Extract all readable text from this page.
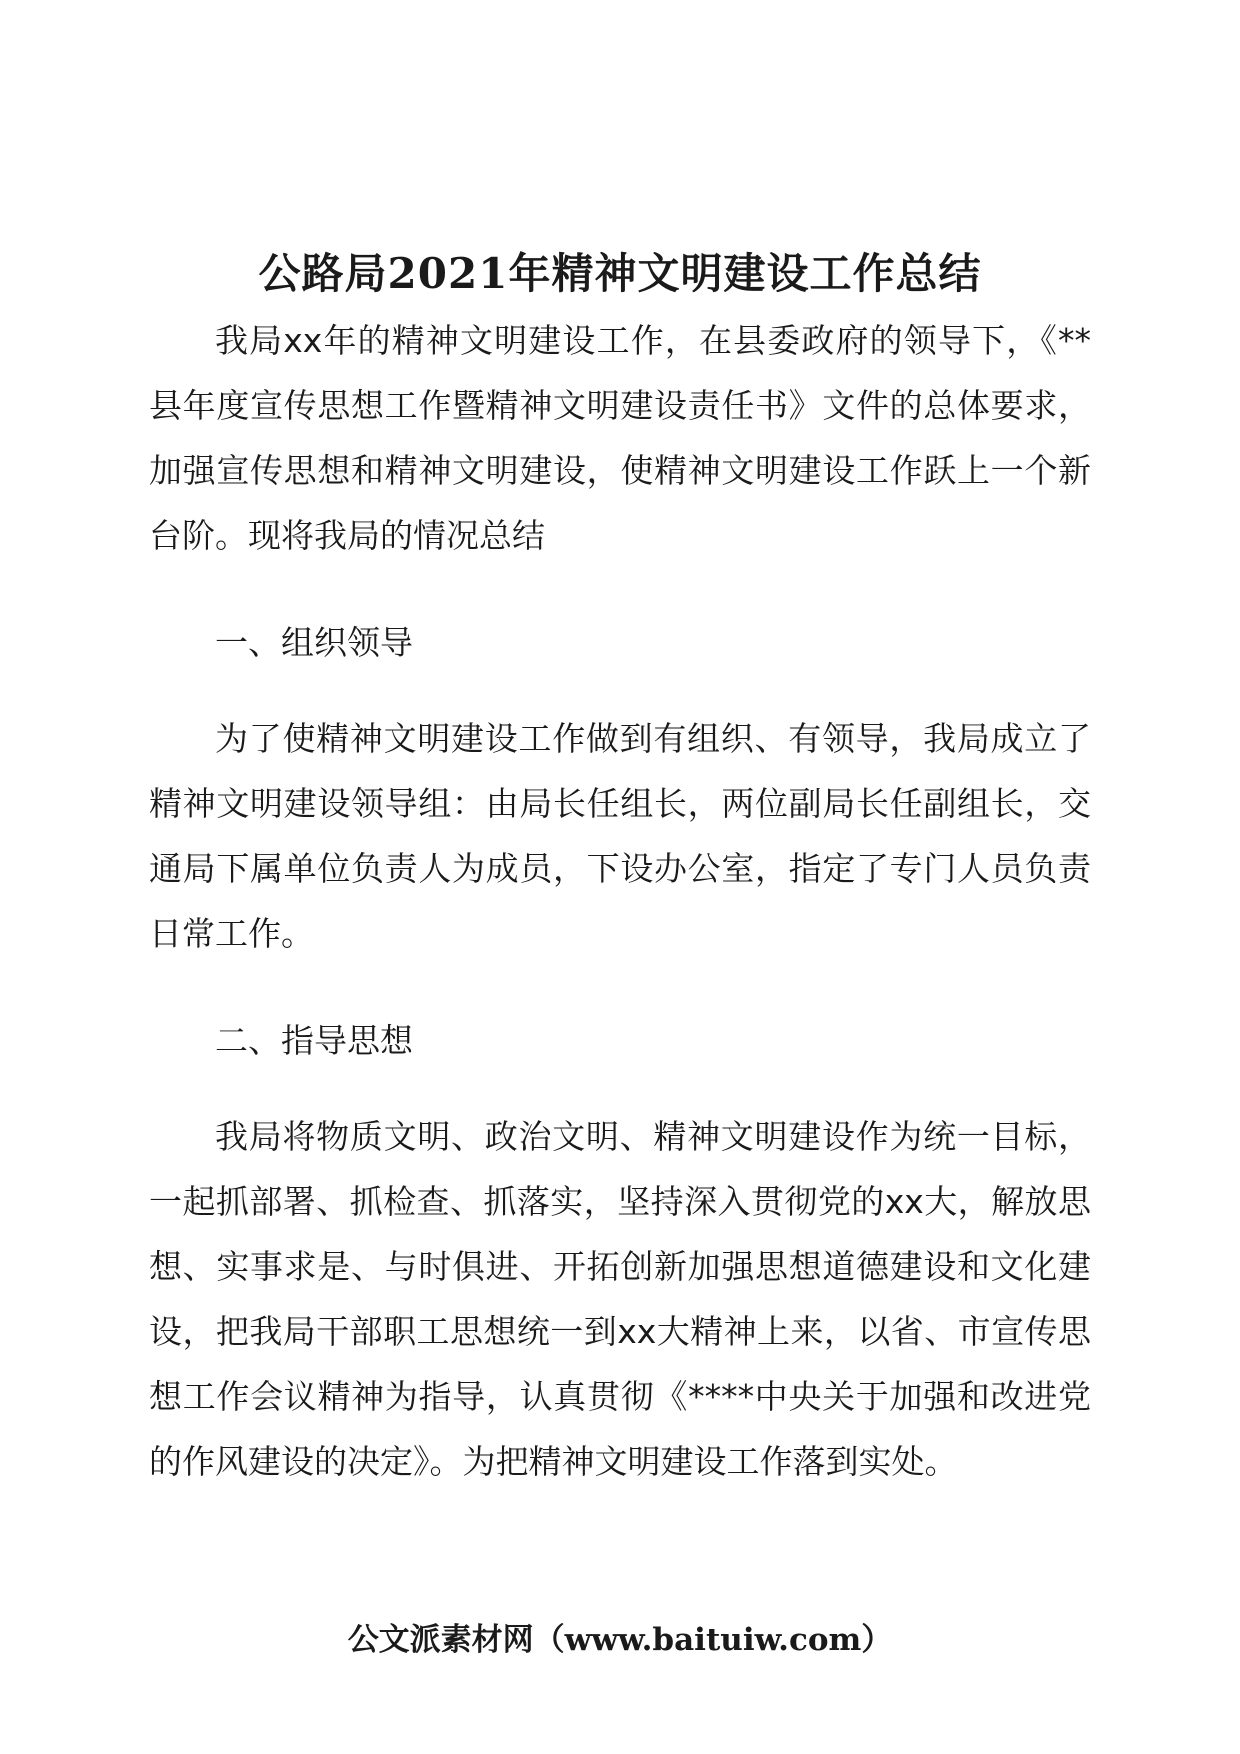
公路局2021年精神文明建设工作总结

我局xx年的精神文明建设工作，在县委政府的领导下，《**县年度宣传思想工作暨精神文明建设责任书》文件的总体要求，加强宣传思想和精神文明建设，使精神文明建设工作跃上一个新台阶。现将我局的情况总结

一、组织领导

为了使精神文明建设工作做到有组织、有领导，我局成立了精神文明建设领导组：由局长任组长，两位副局长任副组长，交通局下属单位负责人为成员，下设办公室，指定了专门人员负责日常工作。

二、指导思想

我局将物质文明、政治文明、精神文明建设作为统一目标，一起抓部署、抓检查、抓落实，坚持深入贯彻党的xx大，解放思想、实事求是、与时俱进、开拓创新加强思想道德建设和文化建设，把我局干部职工思想统一到xx大精神上来，以省、市宣传思想工作会议精神为指导，认真贯彻《****中央关于加强和改进党的作风建设的决定》。为把精神文明建设工作落到实处。

公文派素材网（www.baituiw.com）
